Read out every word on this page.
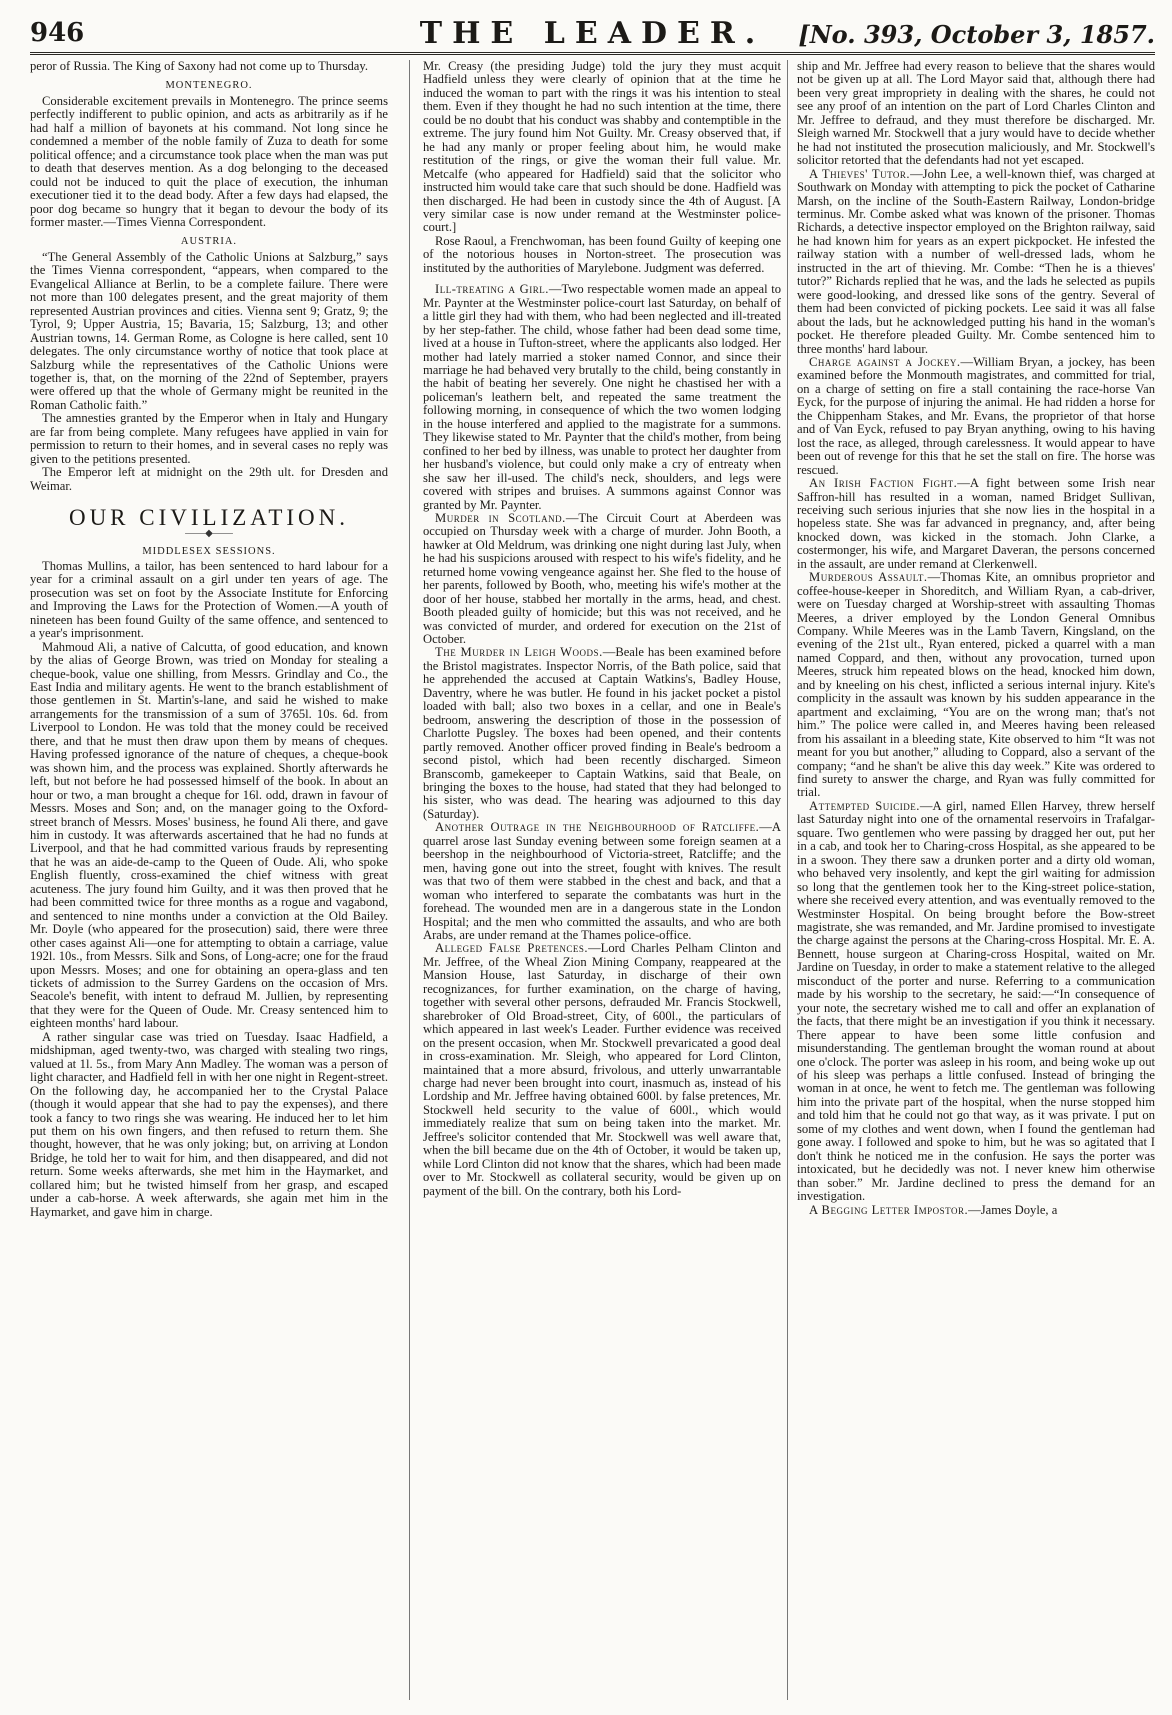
946	THE LEADER.	[No. 393, October 3, 1857.

peror of Russia. The King of Saxony had not come up to Thursday.

MONTENEGRO.

Considerable excitement prevails in Montenegro. The prince seems perfectly indifferent to public opinion, and acts as arbitrarily as if he had half a million of bayonets at his command. Not long since he condemned a member of the noble family of Zuza to death for some political offence; and a circumstance took place when the man was put to death that deserves mention. As a dog belonging to the deceased could not be induced to quit the place of execution, the inhuman executioner tied it to the dead body. After a few days had elapsed, the poor dog became so hungry that it began to devour the body of its former master.—Times Vienna Correspondent.

AUSTRIA.

“The General Assembly of the Catholic Unions at Salzburg,” says the Times Vienna correspondent, “appears, when compared to the Evangelical Alliance at Berlin, to be a complete failure. There were not more than 100 delegates present, and the great majority of them represented Austrian provinces and cities. Vienna sent 9; Gratz, 9; the Tyrol, 9; Upper Austria, 15; Bavaria, 15; Salzburg, 13; and other Austrian towns, 14. German Rome, as Cologne is here called, sent 10 delegates. The only circumstance worthy of notice that took place at Salzburg while the representatives of the Catholic Unions were together is, that, on the morning of the 22nd of September, prayers were offered up that the whole of Germany might be reunited in the Roman Catholic faith.”

The amnesties granted by the Emperor when in Italy and Hungary are far from being complete. Many refugees have applied in vain for permission to return to their homes, and in several cases no reply was given to the petitions presented.

The Emperor left at midnight on the 29th ult. for Dresden and Weimar.

OUR CIVILIZATION.
——◆——
MIDDLESEX SESSIONS.

Thomas Mullins, a tailor, has been sentenced to hard labour for a year for a criminal assault on a girl under ten years of age. The prosecution was set on foot by the Associate Institute for Enforcing and Improving the Laws for the Protection of Women.—A youth of nineteen has been found Guilty of the same offence, and sentenced to a year's imprisonment.

Mahmoud Ali, a native of Calcutta, of good education, and known by the alias of George Brown, was tried on Monday for stealing a cheque-book, value one shilling, from Messrs. Grindlay and Co., the East India and military agents. He went to the branch establishment of those gentlemen in St. Martin's-lane, and said he wished to make arrangements for the transmission of a sum of 3765l. 10s. 6d. from Liverpool to London. He was told that the money could be received there, and that he must then draw upon them by means of cheques. Having professed ignorance of the nature of cheques, a cheque-book was shown him, and the process was explained. Shortly afterwards he left, but not before he had possessed himself of the book. In about an hour or two, a man brought a cheque for 16l. odd, drawn in favour of Messrs. Moses and Son; and, on the manager going to the Oxford-street branch of Messrs. Moses' business, he found Ali there, and gave him in custody. It was afterwards ascertained that he had no funds at Liverpool, and that he had committed various frauds by representing that he was an aide-de-camp to the Queen of Oude. Ali, who spoke English fluently, cross-examined the chief witness with great acuteness. The jury found him Guilty, and it was then proved that he had been committed twice for three months as a rogue and vagabond, and sentenced to nine months under a conviction at the Old Bailey. Mr. Doyle (who appeared for the prosecution) said, there were three other cases against Ali—one for attempting to obtain a carriage, value 192l. 10s., from Messrs. Silk and Sons, of Long-acre; one for the fraud upon Messrs. Moses; and one for obtaining an opera-glass and ten tickets of admission to the Surrey Gardens on the occasion of Mrs. Seacole's benefit, with intent to defraud M. Jullien, by representing that they were for the Queen of Oude. Mr. Creasy sentenced him to eighteen months' hard labour.

A rather singular case was tried on Tuesday. Isaac Hadfield, a midshipman, aged twenty-two, was charged with stealing two rings, valued at 1l. 5s., from Mary Ann Madley. The woman was a person of light character, and Hadfield fell in with her one night in Regent-street. On the following day, he accompanied her to the Crystal Palace (though it would appear that she had to pay the expenses), and there took a fancy to two rings she was wearing. He induced her to let him put them on his own fingers, and then refused to return them. She thought, however, that he was only joking; but, on arriving at London Bridge, he told her to wait for him, and then disappeared, and did not return. Some weeks afterwards, she met him in the Haymarket, and collared him; but he twisted himself from her grasp, and escaped under a cab-horse. A week afterwards, she again met him in the Haymarket, and gave him in charge.

Mr. Creasy (the presiding Judge) told the jury they must acquit Hadfield unless they were clearly of opinion that at the time he induced the woman to part with the rings it was his intention to steal them. Even if they thought he had no such intention at the time, there could be no doubt that his conduct was shabby and contemptible in the extreme. The jury found him Not Guilty. Mr. Creasy observed that, if he had any manly or proper feeling about him, he would make restitution of the rings, or give the woman their full value. Mr. Metcalfe (who appeared for Hadfield) said that the solicitor who instructed him would take care that such should be done. Hadfield was then discharged. He had been in custody since the 4th of August. [A very similar case is now under remand at the Westminster police-court.]

Rose Raoul, a Frenchwoman, has been found Guilty of keeping one of the notorious houses in Norton-street. The prosecution was instituted by the authorities of Marylebone. Judgment was deferred.

Ill-treating a Girl.—Two respectable women made an appeal to Mr. Paynter at the Westminster police-court last Saturday, on behalf of a little girl they had with them, who had been neglected and ill-treated by her step-father. The child, whose father had been dead some time, lived at a house in Tufton-street, where the applicants also lodged. Her mother had lately married a stoker named Connor, and since their marriage he had behaved very brutally to the child, being constantly in the habit of beating her severely. One night he chastised her with a policeman's leathern belt, and repeated the same treatment the following morning, in consequence of which the two women lodging in the house interfered and applied to the magistrate for a summons. They likewise stated to Mr. Paynter that the child's mother, from being confined to her bed by illness, was unable to protect her daughter from her husband's violence, but could only make a cry of entreaty when she saw her ill-used. The child's neck, shoulders, and legs were covered with stripes and bruises. A summons against Connor was granted by Mr. Paynter.

Murder in Scotland.—The Circuit Court at Aberdeen was occupied on Thursday week with a charge of murder. John Booth, a hawker at Old Meldrum, was drinking one night during last July, when he had his suspicions aroused with respect to his wife's fidelity, and he returned home vowing vengeance against her. She fled to the house of her parents, followed by Booth, who, meeting his wife's mother at the door of her house, stabbed her mortally in the arms, head, and chest. Booth pleaded guilty of homicide; but this was not received, and he was convicted of murder, and ordered for execution on the 21st of October.

The Murder in Leigh Woods.—Beale has been examined before the Bristol magistrates. Inspector Norris, of the Bath police, said that he apprehended the accused at Captain Watkins's, Badley House, Daventry, where he was butler. He found in his jacket pocket a pistol loaded with ball; also two boxes in a cellar, and one in Beale's bedroom, answering the description of those in the possession of Charlotte Pugsley. The boxes had been opened, and their contents partly removed. Another officer proved finding in Beale's bedroom a second pistol, which had been recently discharged. Simeon Branscomb, gamekeeper to Captain Watkins, said that Beale, on bringing the boxes to the house, had stated that they had belonged to his sister, who was dead. The hearing was adjourned to this day (Saturday).

Another Outrage in the Neighbourhood of Ratcliffe.—A quarrel arose last Sunday evening between some foreign seamen at a beershop in the neighbourhood of Victoria-street, Ratcliffe; and the men, having gone out into the street, fought with knives. The result was that two of them were stabbed in the chest and back, and that a woman who interfered to separate the combatants was hurt in the forehead. The wounded men are in a dangerous state in the London Hospital; and the men who committed the assaults, and who are both Arabs, are under remand at the Thames police-office.

Alleged False Pretences.—Lord Charles Pelham Clinton and Mr. Jeffree, of the Wheal Zion Mining Company, reappeared at the Mansion House, last Saturday, in discharge of their own recognizances, for further examination, on the charge of having, together with several other persons, defrauded Mr. Francis Stockwell, sharebroker of Old Broad-street, City, of 600l., the particulars of which appeared in last week's Leader. Further evidence was received on the present occasion, when Mr. Stockwell prevaricated a good deal in cross-examination. Mr. Sleigh, who appeared for Lord Clinton, maintained that a more absurd, frivolous, and utterly unwarrantable charge had never been brought into court, inasmuch as, instead of his Lordship and Mr. Jeffree having obtained 600l. by false pretences, Mr. Stockwell held security to the value of 600l., which would immediately realize that sum on being taken into the market. Mr. Jeffree's solicitor contended that Mr. Stockwell was well aware that, when the bill became due on the 4th of October, it would be taken up, while Lord Clinton did not know that the shares, which had been made over to Mr. Stockwell as collateral security, would be given up on payment of the bill. On the contrary, both his Lord-

ship and Mr. Jeffree had every reason to believe that the shares would not be given up at all. The Lord Mayor said that, although there had been very great impropriety in dealing with the shares, he could not see any proof of an intention on the part of Lord Charles Clinton and Mr. Jeffree to defraud, and they must therefore be discharged. Mr. Sleigh warned Mr. Stockwell that a jury would have to decide whether he had not instituted the prosecution maliciously, and Mr. Stockwell's solicitor retorted that the defendants had not yet escaped.

A Thieves' Tutor.—John Lee, a well-known thief, was charged at Southwark on Monday with attempting to pick the pocket of Catharine Marsh, on the incline of the South-Eastern Railway, London-bridge terminus. Mr. Combe asked what was known of the prisoner. Thomas Richards, a detective inspector employed on the Brighton railway, said he had known him for years as an expert pickpocket. He infested the railway station with a number of well-dressed lads, whom he instructed in the art of thieving. Mr. Combe: “Then he is a thieves' tutor?” Richards replied that he was, and the lads he selected as pupils were good-looking, and dressed like sons of the gentry. Several of them had been convicted of picking pockets. Lee said it was all false about the lads, but he acknowledged putting his hand in the woman's pocket. He therefore pleaded Guilty. Mr. Combe sentenced him to three months' hard labour.

Charge against a Jockey.—William Bryan, a jockey, has been examined before the Monmouth magistrates, and committed for trial, on a charge of setting on fire a stall containing the race-horse Van Eyck, for the purpose of injuring the animal. He had ridden a horse for the Chippenham Stakes, and Mr. Evans, the proprietor of that horse and of Van Eyck, refused to pay Bryan anything, owing to his having lost the race, as alleged, through carelessness. It would appear to have been out of revenge for this that he set the stall on fire. The horse was rescued.

An Irish Faction Fight.—A fight between some Irish near Saffron-hill has resulted in a woman, named Bridget Sullivan, receiving such serious injuries that she now lies in the hospital in a hopeless state. She was far advanced in pregnancy, and, after being knocked down, was kicked in the stomach. John Clarke, a costermonger, his wife, and Margaret Daveran, the persons concerned in the assault, are under remand at Clerkenwell.

Murderous Assault.—Thomas Kite, an omnibus proprietor and coffee-house-keeper in Shoreditch, and William Ryan, a cab-driver, were on Tuesday charged at Worship-street with assaulting Thomas Meeres, a driver employed by the London General Omnibus Company. While Meeres was in the Lamb Tavern, Kingsland, on the evening of the 21st ult., Ryan entered, picked a quarrel with a man named Coppard, and then, without any provocation, turned upon Meeres, struck him repeated blows on the head, knocked him down, and by kneeling on his chest, inflicted a serious internal injury. Kite's complicity in the assault was known by his sudden appearance in the apartment and exclaiming, “You are on the wrong man; that's not him.” The police were called in, and Meeres having been released from his assailant in a bleeding state, Kite observed to him “It was not meant for you but another,” alluding to Coppard, also a servant of the company; “and he shan't be alive this day week.” Kite was ordered to find surety to answer the charge, and Ryan was fully committed for trial.

Attempted Suicide.—A girl, named Ellen Harvey, threw herself last Saturday night into one of the ornamental reservoirs in Trafalgar-square. Two gentlemen who were passing by dragged her out, put her in a cab, and took her to Charing-cross Hospital, as she appeared to be in a swoon. They there saw a drunken porter and a dirty old woman, who behaved very insolently, and kept the girl waiting for admission so long that the gentlemen took her to the King-street police-station, where she received every attention, and was eventually removed to the Westminster Hospital. On being brought before the Bow-street magistrate, she was remanded, and Mr. Jardine promised to investigate the charge against the persons at the Charing-cross Hospital. Mr. E. A. Bennett, house surgeon at Charing-cross Hospital, waited on Mr. Jardine on Tuesday, in order to make a statement relative to the alleged misconduct of the porter and nurse. Referring to a communication made by his worship to the secretary, he said:—“In consequence of your note, the secretary wished me to call and offer an explanation of the facts, that there might be an investigation if you think it necessary. There appear to have been some little confusion and misunderstanding. The gentleman brought the woman round at about one o'clock. The porter was asleep in his room, and being woke up out of his sleep was perhaps a little confused. Instead of bringing the woman in at once, he went to fetch me. The gentleman was following him into the private part of the hospital, when the nurse stopped him and told him that he could not go that way, as it was private. I put on some of my clothes and went down, when I found the gentleman had gone away. I followed and spoke to him, but he was so agitated that I don't think he noticed me in the confusion. He says the porter was intoxicated, but he decidedly was not. I never knew him otherwise than sober.” Mr. Jardine declined to press the demand for an investigation.

A Begging Letter Impostor.—James Doyle, a
